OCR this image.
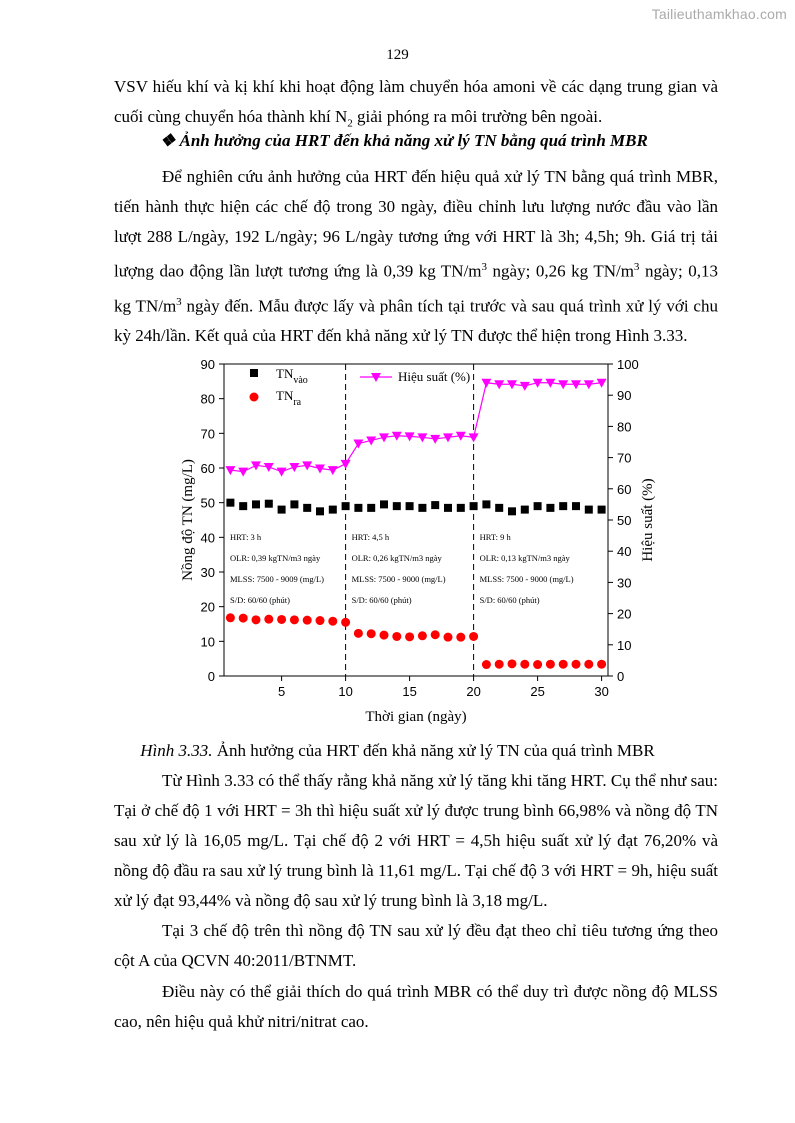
Tailieuthamkhao.com
129
VSV hiếu khí và kị khí khi hoạt động làm chuyển hóa amoni về các dạng trung gian và cuối cùng chuyển hóa thành khí $N_2$ giải phóng ra môi trường bên ngoài.
❖ Ảnh hưởng của HRT đến khả năng xử lý TN bằng quá trình MBR
Để nghiên cứu ảnh hưởng của HRT đến hiệu quả xử lý TN bằng quá trình MBR, tiến hành thực hiện các chế độ trong 30 ngày, điều chỉnh lưu lượng nước đầu vào lần lượt 288 L/ngày, 192 L/ngày; 96 L/ngày tương ứng với HRT là 3h; 4,5h; 9h. Giá trị tải lượng dao động lần lượt tương ứng là 0,39 kg $TN/m^3$ ngày; 0,26 kg $TN/m^3$ ngày; 0,13 kg $TN/m^3$ ngày đến. Mẫu được lấy và phân tích tại trước và sau quá trình xử lý với chu kỳ 24h/lần. Kết quả của HRT đến khả năng xử lý TN được thể hiện trong Hình 3.33.
5	10	15	20	25	30
0
10
20
30
40
50
60
70
80
90
0
10
20
30
40
50
60
70
80
90
100
Thời gian (ngày)
Nồng độ TN (mg/L)	Hiệu suất (%)
HRT: 3 h
OLR: 0,39 kgTN/m3 ngày
MLSS: 7500 - 9009 (mg/L)
S/D: 60/60 (phút)
HRT: 4,5 h
OLR: 0,26 kgTN/m3 ngày
MLSS: 7500 - 9000 (mg/L)
S/D: 60/60 (phút)
HRT: 9 h
OLR: 0,13 kgTN/m3 ngày
MLSS: 7500 - 9000 (mg/L)
S/D: 60/60 (phút)
$TN_{vào}$
$TN_{ra}$
Hiệu suất (%)
Hình 3.33. Ảnh hưởng của HRT đến khả năng xử lý TN của quá trình MBR
Từ Hình 3.33 có thể thấy rằng khả năng xử lý tăng khi tăng HRT. Cụ thể như sau: Tại ở chế độ 1 với HRT = 3h thì hiệu suất xử lý được trung bình 66,98% và nồng độ TN sau xử lý là 16,05 mg/L. Tại chế độ 2 với HRT = 4,5h hiệu suất xử lý đạt 76,20% và nồng độ đầu ra sau xử lý trung bình là 11,61 mg/L. Tại chế độ 3 với HRT = 9h, hiệu suất xử lý đạt 93,44% và nồng độ sau xử lý trung bình là 3,18 mg/L.
Tại 3 chế độ trên thì nồng độ TN sau xử lý đều đạt theo chỉ tiêu tương ứng theo cột A của QCVN 40:2011/BTNMT.
Điều này có thể giải thích do quá trình MBR có thể duy trì được nồng độ MLSS cao, nên hiệu quả khử nitri/nitrat cao.
